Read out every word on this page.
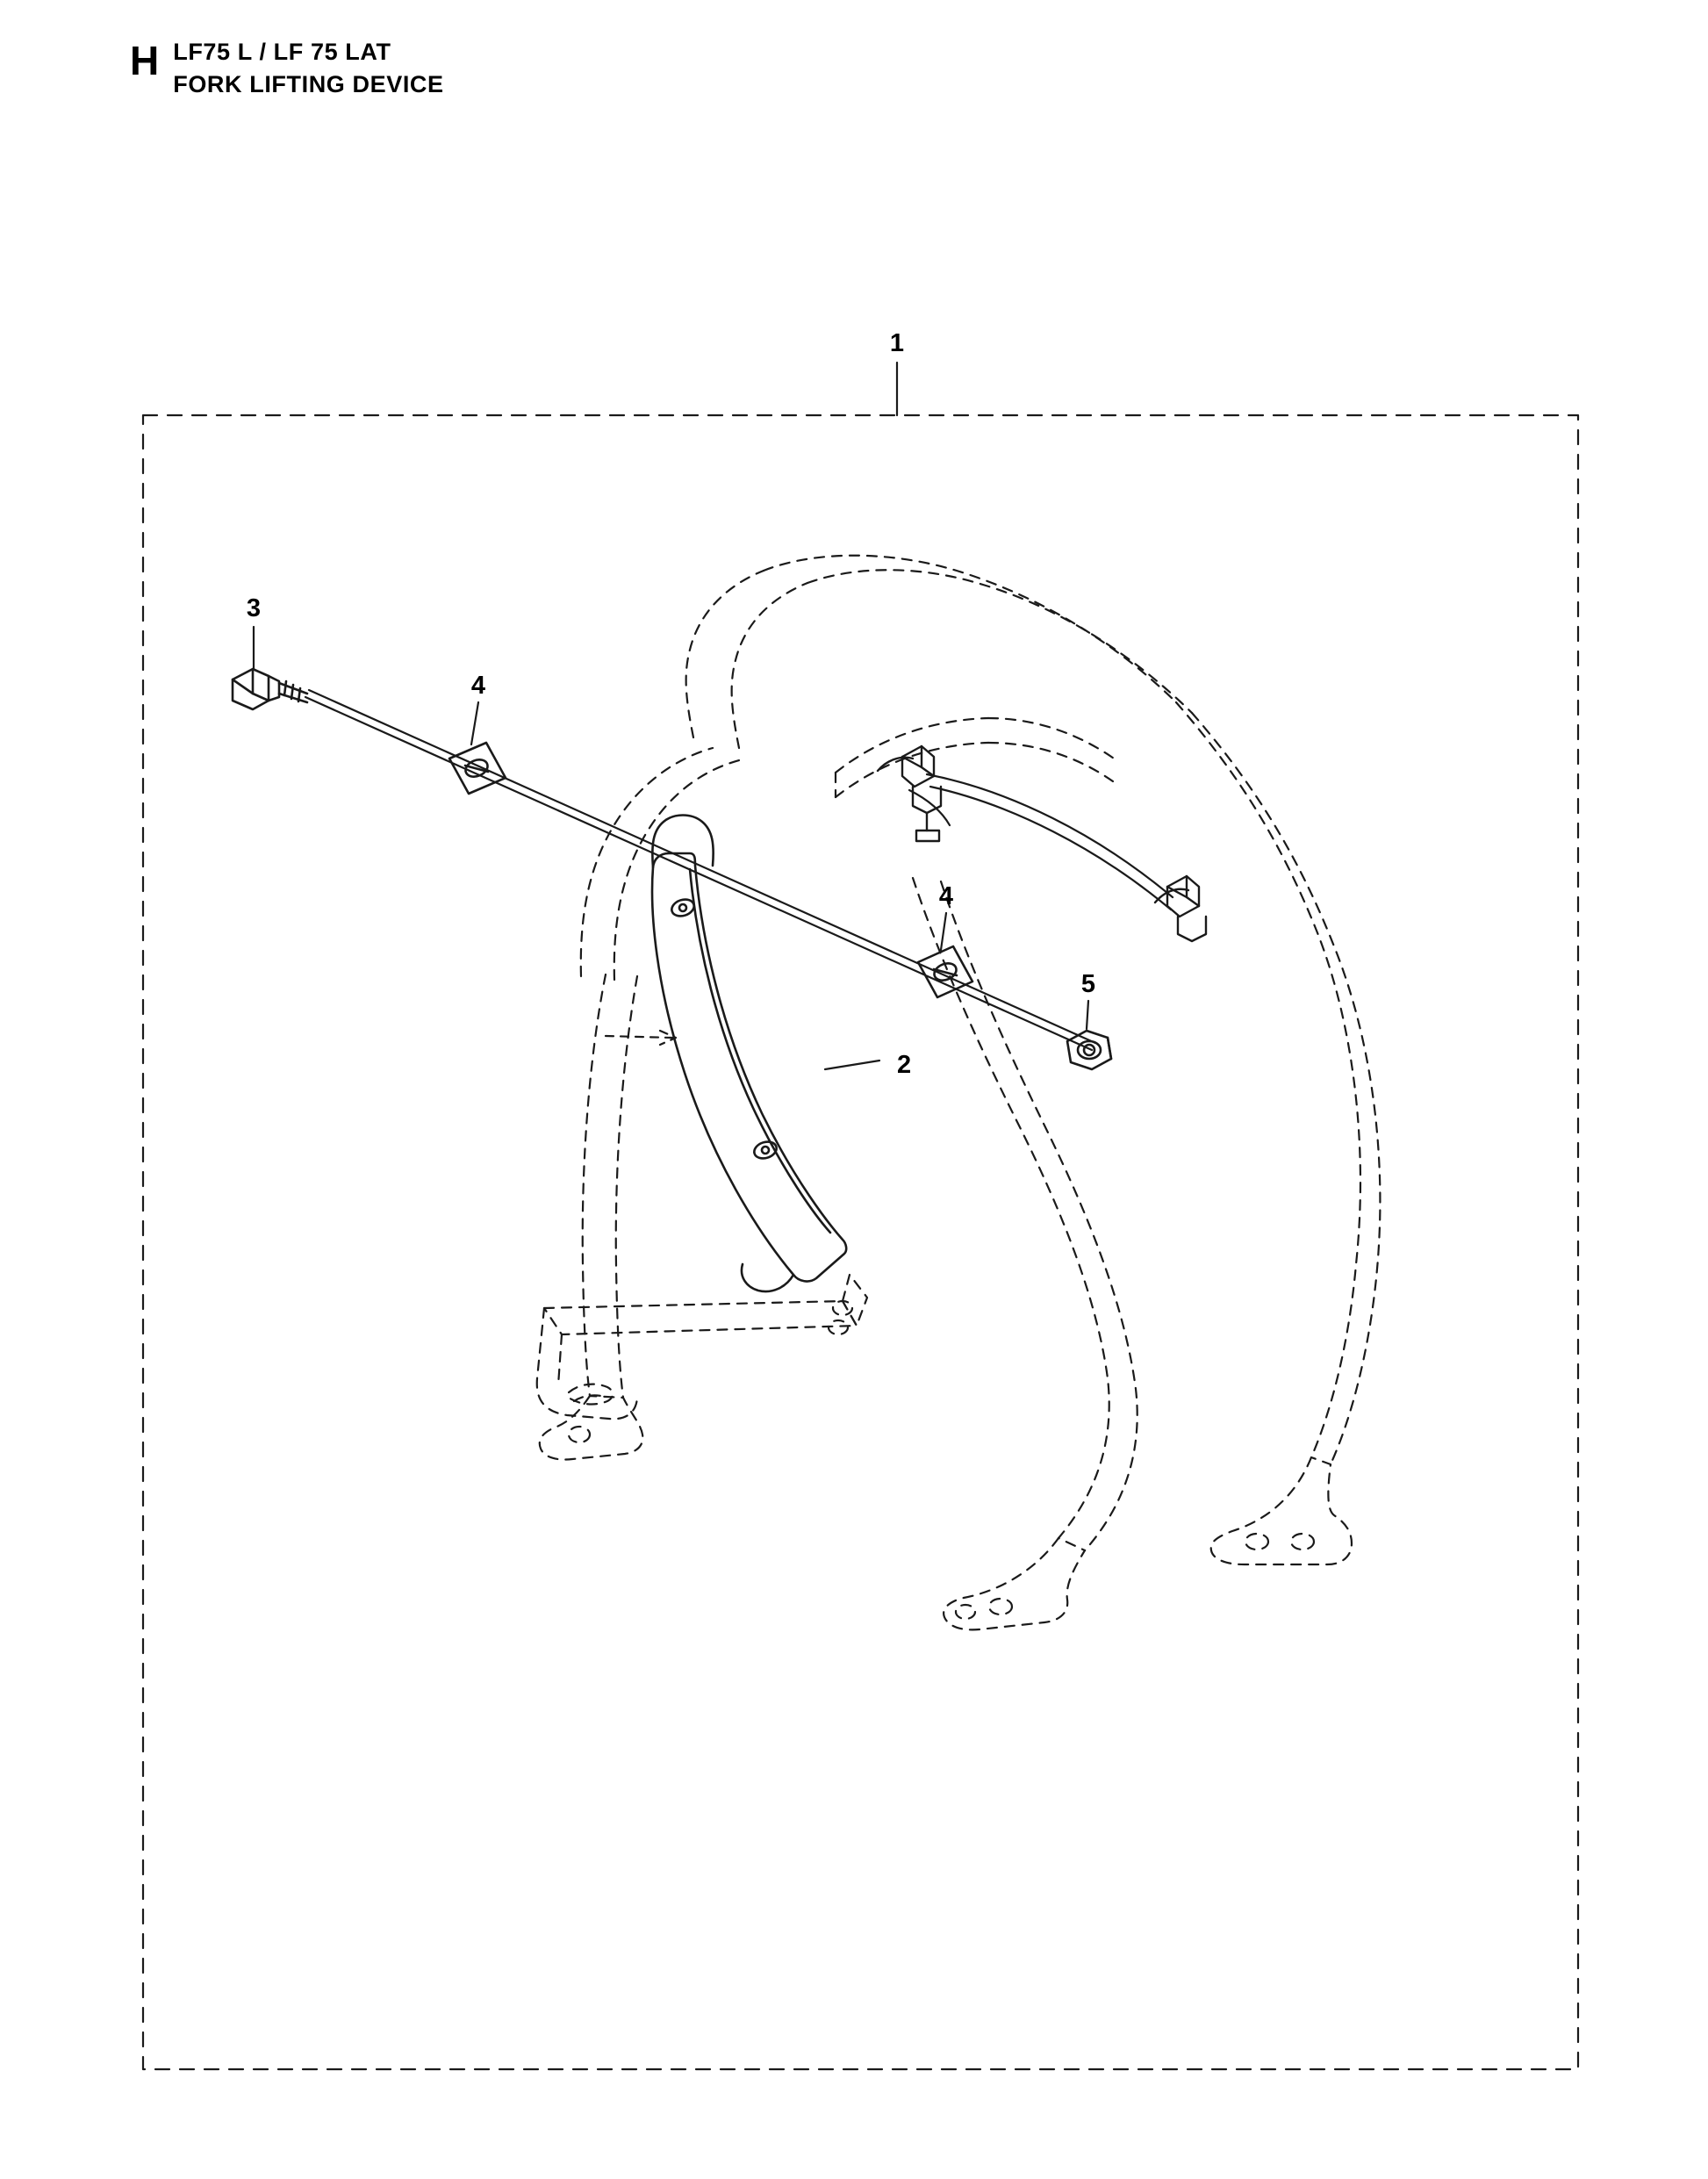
H LF75 L / LF 75 LAT
FORK LIFTING DEVICE
1
3
4
2
4
5
